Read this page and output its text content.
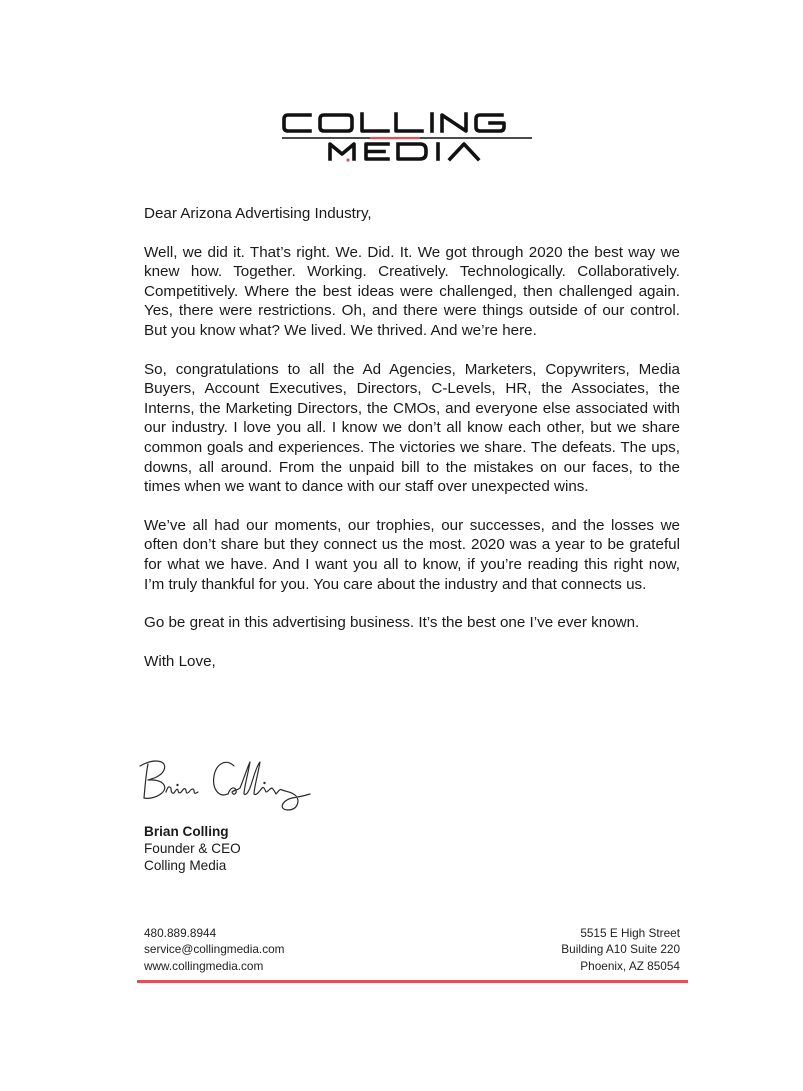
Dear Arizona Advertising Industry,

Well, we did it. That’s right. We. Did. It. We got through 2020 the best way we knew how. Together. Working. Creatively. Technologically. Collaboratively. Competitively. Where the best ideas were challenged, then challenged again. Yes, there were restrictions. Oh, and there were things outside of our control. But you know what? We lived. We thrived. And we’re here.

So, congratulations to all the Ad Agencies, Marketers, Copywriters, Media Buyers, Account Executives, Directors, C-Levels, HR, the Associates, the Interns, the Marketing Directors, the CMOs, and everyone else associated with our industry. I love you all. I know we don’t all know each other, but we share common goals and experiences. The victories we share. The defeats. The ups, downs, all around. From the unpaid bill to the mistakes on our faces, to the times when we want to dance with our staff over unexpected wins.

We’ve all had our moments, our trophies, our successes, and the losses we often don’t share but they connect us the most. 2020 was a year to be grateful for what we have. And I want you all to know, if you’re reading this right now, I’m truly thankful for you. You care about the industry and that connects us.

Go be great in this advertising business. It’s the best one I’ve ever known.

With Love,

Brian Colling
Founder & CEO
Colling Media
480.889.8944
service@collingmedia.com
www.collingmedia.com
5515 E High Street
Building A10 Suite 220
Phoenix, AZ 85054
